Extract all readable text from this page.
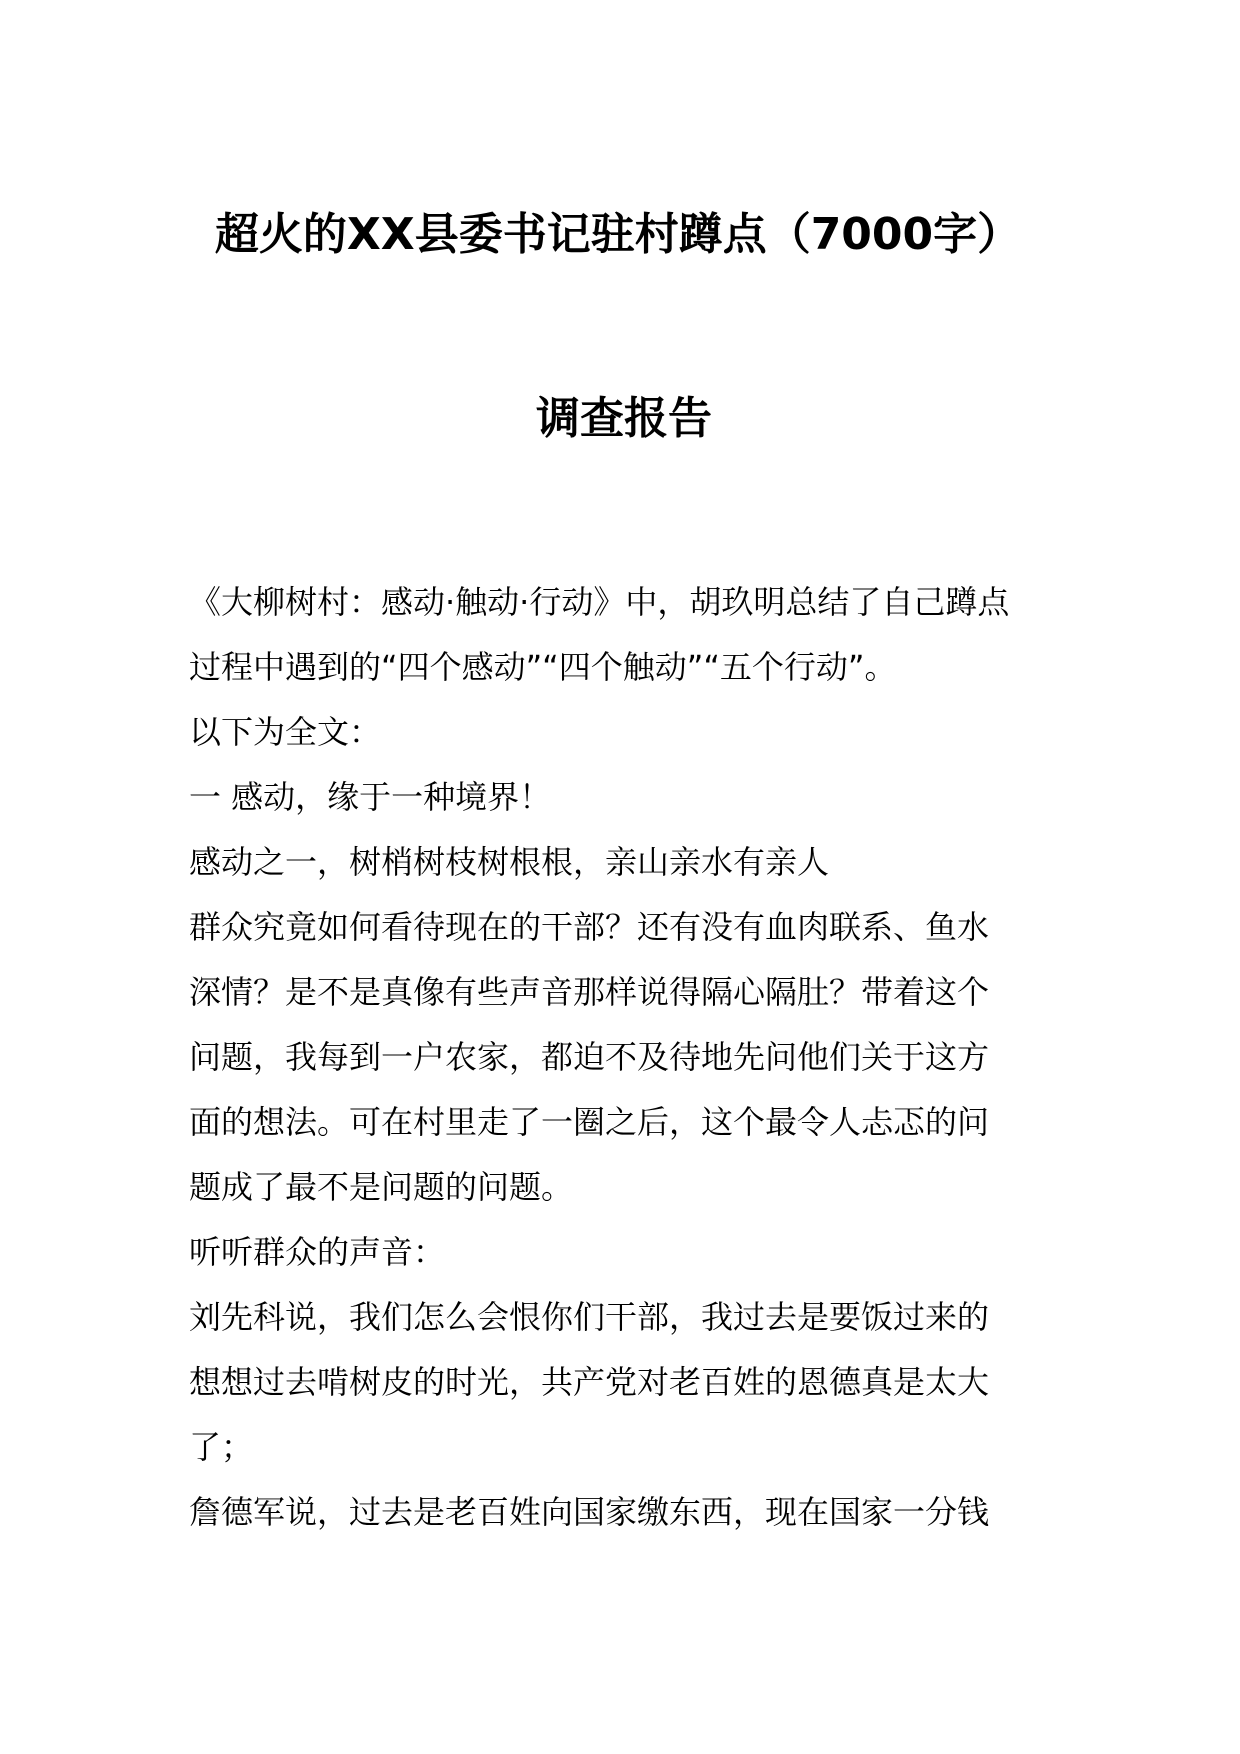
超火的XX县委书记驻村蹲点（7000字）
调查报告

《大柳树村：感动·触动·行动》中，胡玖明总结了自己蹲点

过程中遇到的“四个感动”“四个触动”“五个行动”。

以下为全文：

一 感动，缘于一种境界！

感动之一，树梢树枝树根根，亲山亲水有亲人

群众究竟如何看待现在的干部？还有没有血肉联系、鱼水

深情？是不是真像有些声音那样说得隔心隔肚？带着这个

问题，我每到一户农家，都迫不及待地先问他们关于这方

面的想法。可在村里走了一圈之后，这个最令人忐忑的问

题成了最不是问题的问题。

听听群众的声音：

刘先科说，我们怎么会恨你们干部，我过去是要饭过来的

想想过去啃树皮的时光，共产党对老百姓的恩德真是太大

了；

詹德军说，过去是老百姓向国家缴东西，现在国家一分钱
